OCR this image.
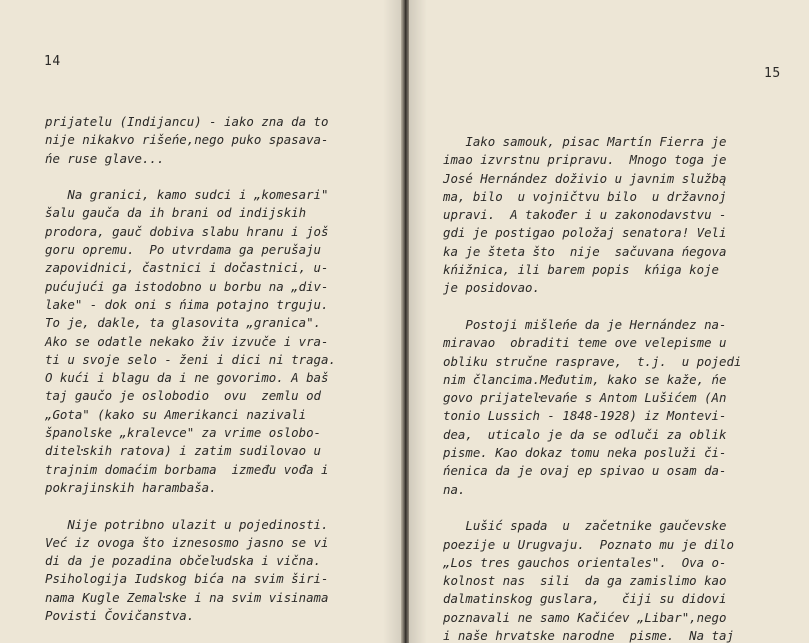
14
prijatelu (Indijancu) - iako zna da to
nije nikakvo rišeńe,nego puko spasava-
ńe ruse glave...
Na granici, kamo sudci i „komesari"
šalu gauča da ih brani od indijskih
prodora, gauč dobiva slabu hranu i još
goru opremu.  Po utvrdama ga perušaju
zapovidnici, častnici i dočastnici, u-
pućujući ga istodobno u borbu na „div-
lake" - dok oni s ńima potajno trguju.
To je, dakle, ta glasovita „granica".
Ako se odatle nekako živ izvuče i vra-
ti u svoje selo - ženi i dici ni traga.
O kući i blagu da i ne govorimo. A baš
taj gaučo je oslobodio  ovu  zemlu od
„Gota" (kako su Amerikanci nazivali
španolske „kralevce" za vrime oslobo-
diteŀskih ratova) i zatim sudilovao u
trajnim domaćim borbama  između vođa i
pokrajinskih harambaša.
Nije potribno ulazit u pojedinosti.
Već iz ovoga što iznesosmo jasno se vi
di da je pozadina občeŀudska i vična.
Psihologija Iudskog bića na svim širi-
nama Kugle Zemaŀske i na svim visinama
Povisti Čovičanstva.
15
Iako samouk, pisac Martín Fierra je
imao izvrstnu pripravu.  Mnogo toga je
José Hernández doživio u javnim službą
ma, bilo  u vojničtvu bilo  u državnoj
upravi.  A također i u zakonodavstvu -
gdi je postigao položaj senatora! Veli
ka je šteta što  nije  sačuvana ńegova
kńižnica, ili barem popis  kńiga koje
je posidovao.
Postoji mišleńe da je Hernández na-
miravao  obraditi teme ove velepisme u
obliku stručne rasprave,  t.j.  u pojedi
nim člancima.Međutim, kako se kaže, ńe
govo prijateŀevańe s Antom Lušićem (An
tonio Lussich - 1848-1928) iz Montevi-
dea,  uticalo je da se odluči za oblik
pisme. Kao dokaz tomu neka posluži či-
ńenica da je ovaj ep spivao u osam da-
na.
Lušić spada  u  začetnike gaučevske
poezije u Urugvaju.  Poznato mu je dilo
„Los tres gauchos orientales".  Ova o-
kolnost nas  sili  da ga zamislimo kao
dalmatinskog guslara,   čiji su didovi
poznavali ne samo Kačićev „Libar",nego
i naše hrvatske narodne  pisme.  Na taj
